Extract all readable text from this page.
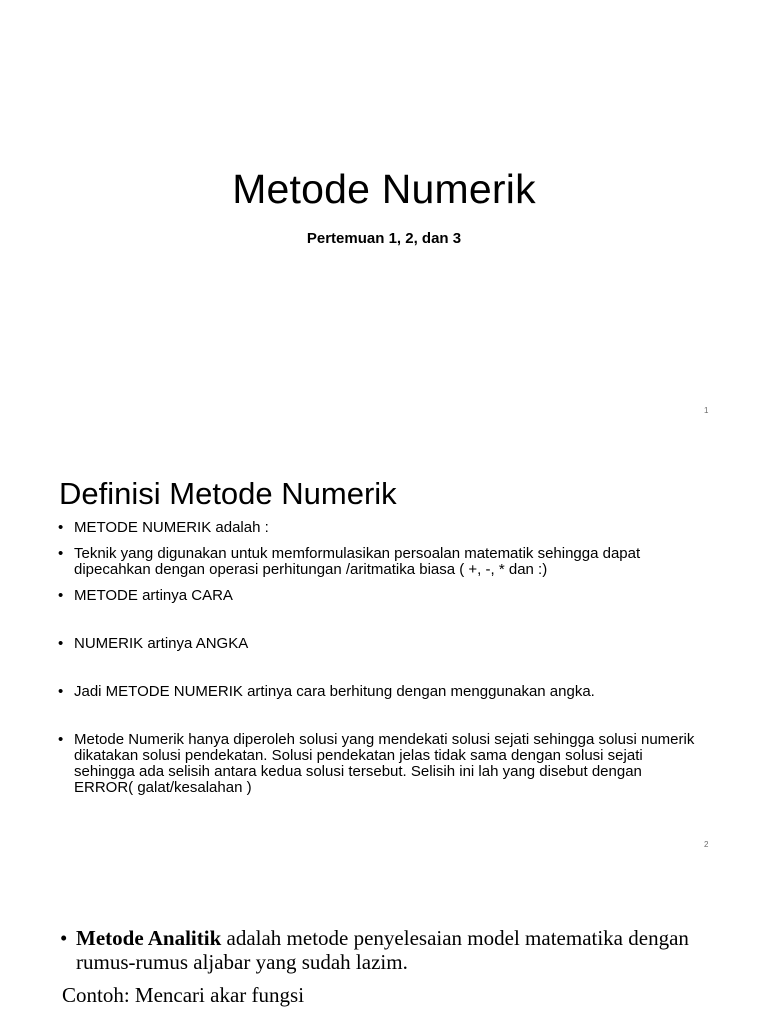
Metode Numerik
Pertemuan 1, 2, dan 3
1
Definisi Metode Numerik
• METODE NUMERIK adalah :
• Teknik yang digunakan untuk memformulasikan persoalan matematik sehingga dapat dipecahkan dengan operasi perhitungan /aritmatika biasa ( +, -, * dan :)
• METODE artinya CARA
• NUMERIK artinya ANGKA
• Jadi METODE NUMERIK artinya cara berhitung dengan menggunakan angka.
• Metode Numerik hanya diperoleh solusi yang mendekati solusi sejati sehingga solusi numerik dikatakan solusi pendekatan. Solusi pendekatan jelas tidak sama dengan solusi sejati sehingga ada selisih antara kedua solusi tersebut. Selisih ini lah yang disebut dengan ERROR( galat/kesalahan )
2
• Metode Analitik adalah metode penyelesaian model matematika dengan rumus-rumus aljabar yang sudah lazim.
Contoh: Mencari akar fungsi
